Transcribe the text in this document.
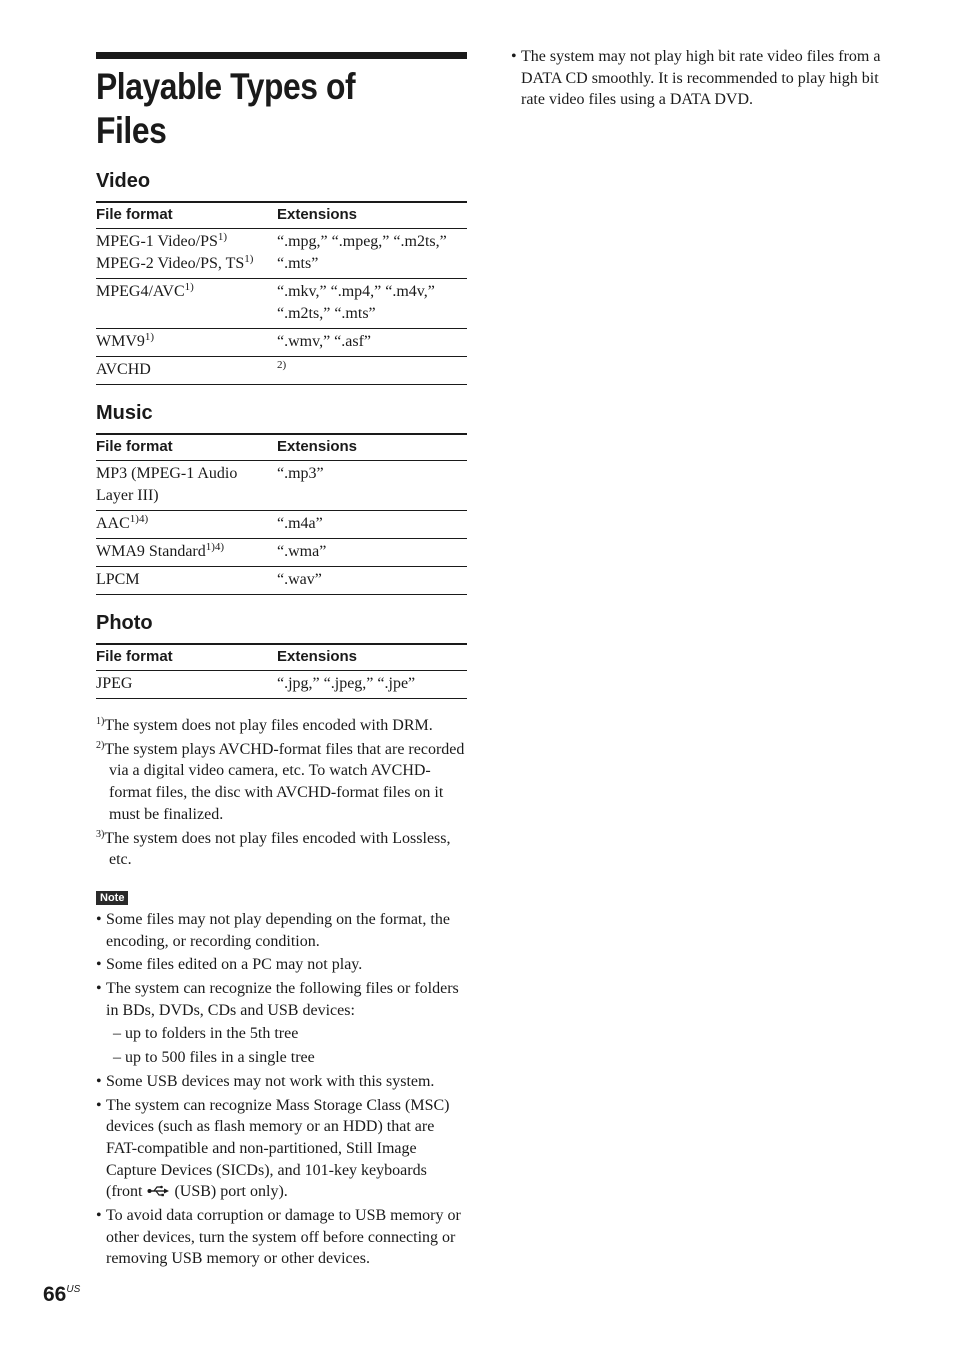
Playable Types of Files
Video
File format	Extensions
MPEG-1 Video/PS$^{1)}$
MPEG-2 Video/PS, TS$^{1)}$	“.mpg,” “.mpeg,” “.m2ts,” “.mts”
MPEG4/AVC$^{1)}$	“.mkv,” “.mp4,” “.m4v,” “.m2ts,” “.mts”
WMV9$^{1)}$	“.wmv,” “.asf”
AVCHD	$^{2)}$
Music
File format	Extensions
MP3 (MPEG-1 Audio Layer III)	“.mp3”
$AAC^{1)4)}$	“.m4a”
WMA9 Standard$^{1)4)}$	“.wma”
LPCM	“.wav”
Photo
File format	Extensions
JPEG	“.jpg,” “.jpeg,” “.jpe”
$^{1)}$The system does not play files encoded with DRM.
$^{2)}$The system plays AVCHD-format files that are recorded via a digital video camera, etc. To watch AVCHD-format files, the disc with AVCHD-format files on it must be finalized.
$^{3)}$The system does not play files encoded with Lossless, etc.
Note
• Some files may not play depending on the format, the encoding, or recording condition.
• Some files edited on a PC may not play.
• The system can recognize the following files or folders in BDs, DVDs, CDs and USB devices:
– up to folders in the 5th tree
– up to 500 files in a single tree
• Some USB devices may not work with this system.
• The system can recognize Mass Storage Class (MSC) devices (such as flash memory or an HDD) that are FAT-compatible and non-partitioned, Still Image Capture Devices (SICDs), and 101-key keyboards (front (USB) port only).
• To avoid data corruption or damage to USB memory or other devices, turn the system off before connecting or removing USB memory or other devices.
• The system may not play high bit rate video files from a DATA CD smoothly. It is recommended to play high bit rate video files using a DATA DVD.
$66^{US}$
